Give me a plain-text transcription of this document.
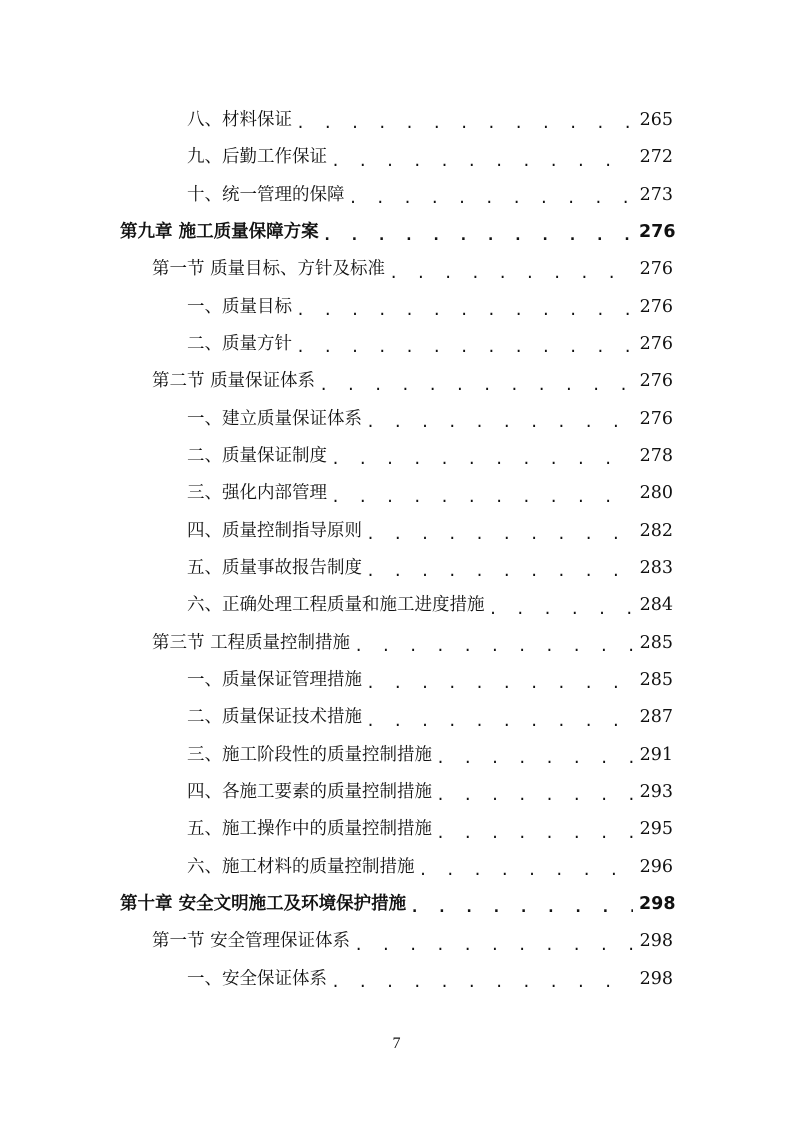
八、材料保证 . . .	265
九、后勤工作保证 . . .	272
十、统一管理的保障 . . .	273
第九章 施工质量保障方案 . . .	276
第一节 质量目标、方针及标准 . . .	276
一、质量目标 . . .	276
二、质量方针 . . .	276
第二节 质量保证体系 . . .	276
一、建立质量保证体系 . . .	276
二、质量保证制度 . . .	278
三、强化内部管理 . . .	280
四、质量控制指导原则 . . .	282
五、质量事故报告制度 . . .	283
六、正确处理工程质量和施工进度措施 . . .	284
第三节 工程质量控制措施 . . .	285
一、质量保证管理措施 . . .	285
二、质量保证技术措施 . . .	287
三、施工阶段性的质量控制措施 . . .	291
四、各施工要素的质量控制措施 . . .	293
五、施工操作中的质量控制措施 . . .	295
六、施工材料的质量控制措施 . . .	296
第十章 安全文明施工及环境保护措施 . . .	298
第一节 安全管理保证体系 . . .	298
一、安全保证体系 . . .	298
7
